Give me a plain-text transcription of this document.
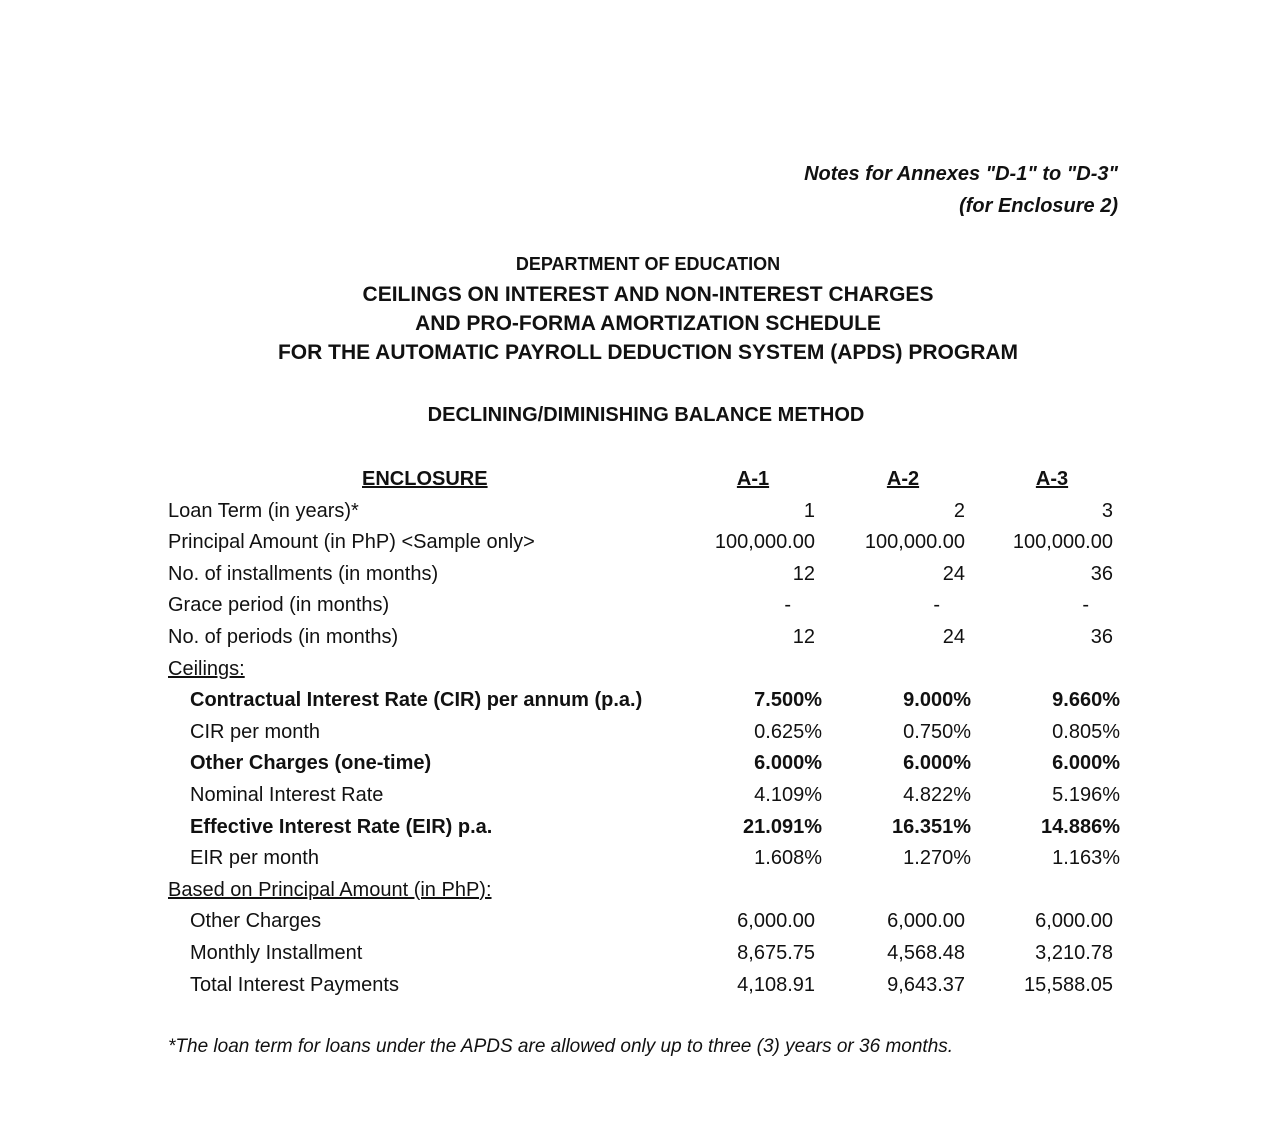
Notes for Annexes "D-1" to "D-3"
(for Enclosure 2)
DEPARTMENT OF EDUCATION
CEILINGS ON INTEREST AND NON-INTEREST CHARGES
AND PRO-FORMA AMORTIZATION SCHEDULE
FOR THE AUTOMATIC PAYROLL DEDUCTION SYSTEM (APDS) PROGRAM
DECLINING/DIMINISHING BALANCE METHOD
ENCLOSURE	A-1	A-2	A-3
Loan Term (in years)*	1	2	3
Principal Amount (in PhP) <Sample only>	100,000.00 100,000.00 100,000.00
No. of installments (in months)	12	24	36
Grace period (in months)	-	-	-
No. of periods (in months)	12	24	36
Ceilings:
Contractual Interest Rate (CIR) per annum (p.a.)	7.500%	9.000%	9.660%
CIR per month	0.625%	0.750%	0.805%
Other Charges (one-time)	6.000%	6.000%	6.000%
Nominal Interest Rate	4.109%	4.822%	5.196%
Effective Interest Rate (EIR) p.a.	21.091%	16.351%	14.886%
EIR per month	1.608%	1.270%	1.163%
Based on Principal Amount (in PhP):
Other Charges	6,000.00	6,000.00	6,000.00
Monthly Installment	8,675.75	4,568.48	3,210.78
Total Interest Payments	4,108.91	9,643.37	15,588.05
*The loan term for loans under the APDS are allowed only up to three (3) years or 36 months.
